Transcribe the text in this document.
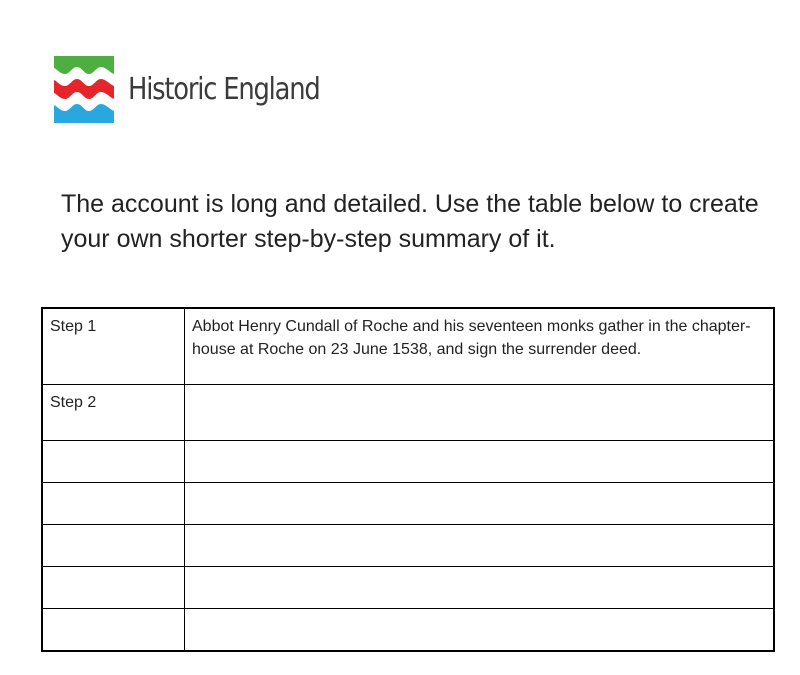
Historic England

The account is long and detailed. Use the table below to create your own shorter step-by-step summary of it.

Step 1	Abbot Henry Cundall of Roche and his seventeen monks gather in the chapter-house at Roche on 23 June 1538, and sign the surrender deed.
Step 2	
